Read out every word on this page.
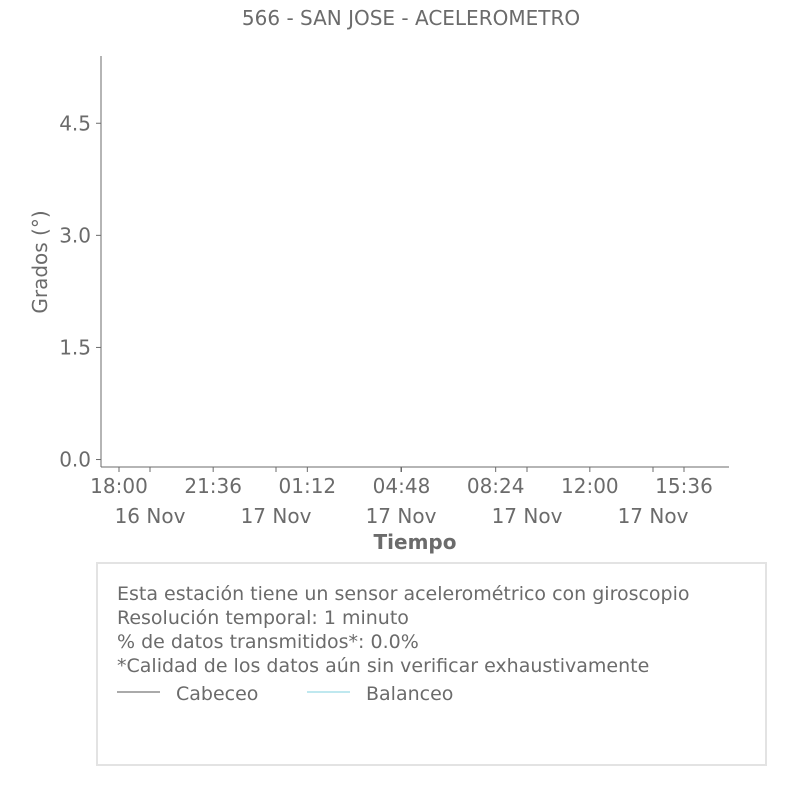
566 - SAN JOSE - ACELEROMETRO
0.0
1.5
3.0
4.5
18:00 21:36 01:12 04:48 08:24 12:00 15:36
16 Nov	17 Nov	17 Nov	17 Nov	17 Nov
Grados (°)
Tiempo
Esta estación tiene un sensor acelerométrico con giroscopio
Resolución temporal: 1 minuto
% de datos transmitidos*: 0.0%
*Calidad de los datos aún sin verificar exhaustivamente
Cabeceo	Balanceo
